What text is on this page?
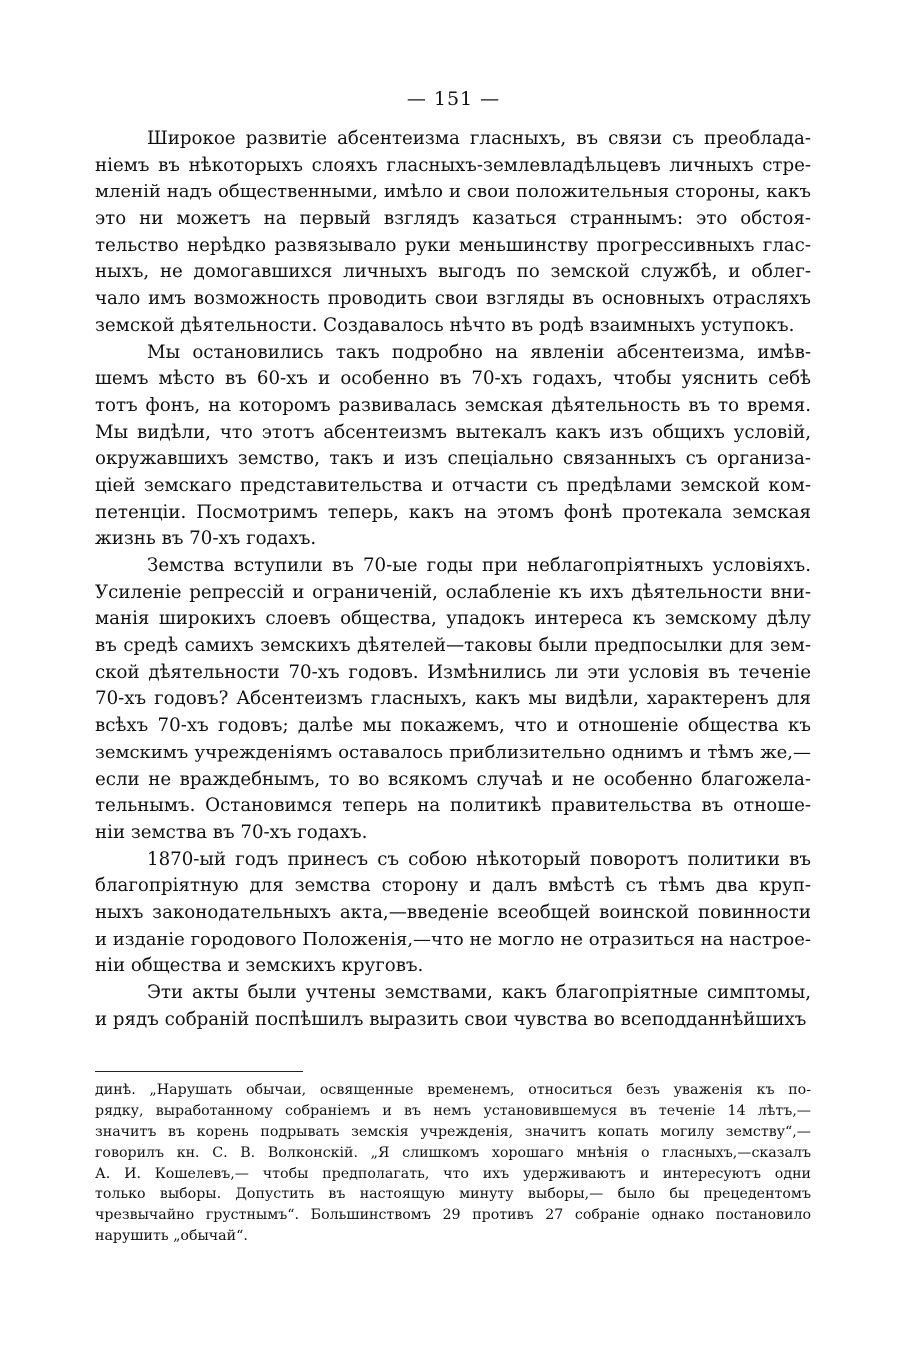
— 151 —
Широкое развитіе абсентеизма гласныхъ, въ связи съ преоблада-
ніемъ въ нѣкоторыхъ слояхъ гласныхъ-землевладѣльцевъ личныхъ стре-
мленій надъ общественными, имѣло и свои положительныя стороны, какъ
это ни можетъ на первый взглядъ казаться страннымъ: это обстоя-
тельство нерѣдко развязывало руки меньшинству прогрессивныхъ глас-
ныхъ, не домогавшихся личныхъ выгодъ по земской службѣ, и облег-
чало имъ возможность проводить свои взгляды въ основныхъ отрасляхъ
земской дѣятельности. Создавалось нѣчто въ родѣ взаимныхъ уступокъ.
Мы остановились такъ подробно на явленіи абсентеизма, имѣв-
шемъ мѣсто въ 60-хъ и особенно въ 70-хъ годахъ, чтобы уяснить себѣ
тотъ фонъ, на которомъ развивалась земская дѣятельность въ то время.
Мы видѣли, что этотъ абсентеизмъ вытекалъ какъ изъ общихъ условій,
окружавшихъ земство, такъ и изъ спеціально связанныхъ съ организа-
ціей земскаго представительства и отчасти съ предѣлами земской ком-
петенціи. Посмотримъ теперь, какъ на этомъ фонѣ протекала земская
жизнь въ 70-хъ годахъ.
Земства вступили въ 70-ые годы при неблагопріятныхъ условіяхъ.
Усиленіе репрессій и ограниченій, ослабленіе къ ихъ дѣятельности вни-
манія широкихъ слоевъ общества, упадокъ интереса къ земскому дѣлу
въ средѣ самихъ земскихъ дѣятелей—таковы были предпосылки для зем-
ской дѣятельности 70-хъ годовъ. Измѣнились ли эти условія въ теченіе
70-хъ годовъ? Абсентеизмъ гласныхъ, какъ мы видѣли, характеренъ для
всѣхъ 70-хъ годовъ; далѣе мы покажемъ, что и отношеніе общества къ
земскимъ учрежденіямъ оставалось приблизительно однимъ и тѣмъ же,—
если не враждебнымъ, то во всякомъ случаѣ и не особенно благожела-
тельнымъ. Остановимся теперь на политикѣ правительства въ отноше-
ніи земства въ 70-хъ годахъ.
1870-ый годъ принесъ съ собою нѣкоторый поворотъ политики въ
благопріятную для земства сторону и далъ вмѣстѣ съ тѣмъ два круп-
ныхъ законодательныхъ акта,—введеніе всеобщей воинской повинности
и изданіе городового Положенія,—что не могло не отразиться на настрое-
ніи общества и земскихъ круговъ.
Эти акты были учтены земствами, какъ благопріятные симптомы,
и рядъ собраній поспѣшилъ выразить свои чувства во всеподданнѣйшихъ
динѣ. „Нарушать обычаи, освященные временемъ, относиться безъ уваженія къ по-
рядку, выработанному собраніемъ и въ немъ установившемуся въ теченіе 14 лѣтъ,—
значитъ въ корень подрывать земскія учрежденія, значитъ копать могилу земству“,—
говорилъ кн. С. В. Волконскій. „Я слишкомъ хорошаго мнѣнія о гласныхъ,—сказалъ
А. И. Кошелевъ,— чтобы предполагать, что ихъ удерживаютъ и интересуютъ одни
только выборы. Допустить въ настоящую минуту выборы,— было бы прецедентомъ
чрезвычайно грустнымъ“. Большинствомъ 29 противъ 27 собраніе однако постановило
нарушить „обычай“.
